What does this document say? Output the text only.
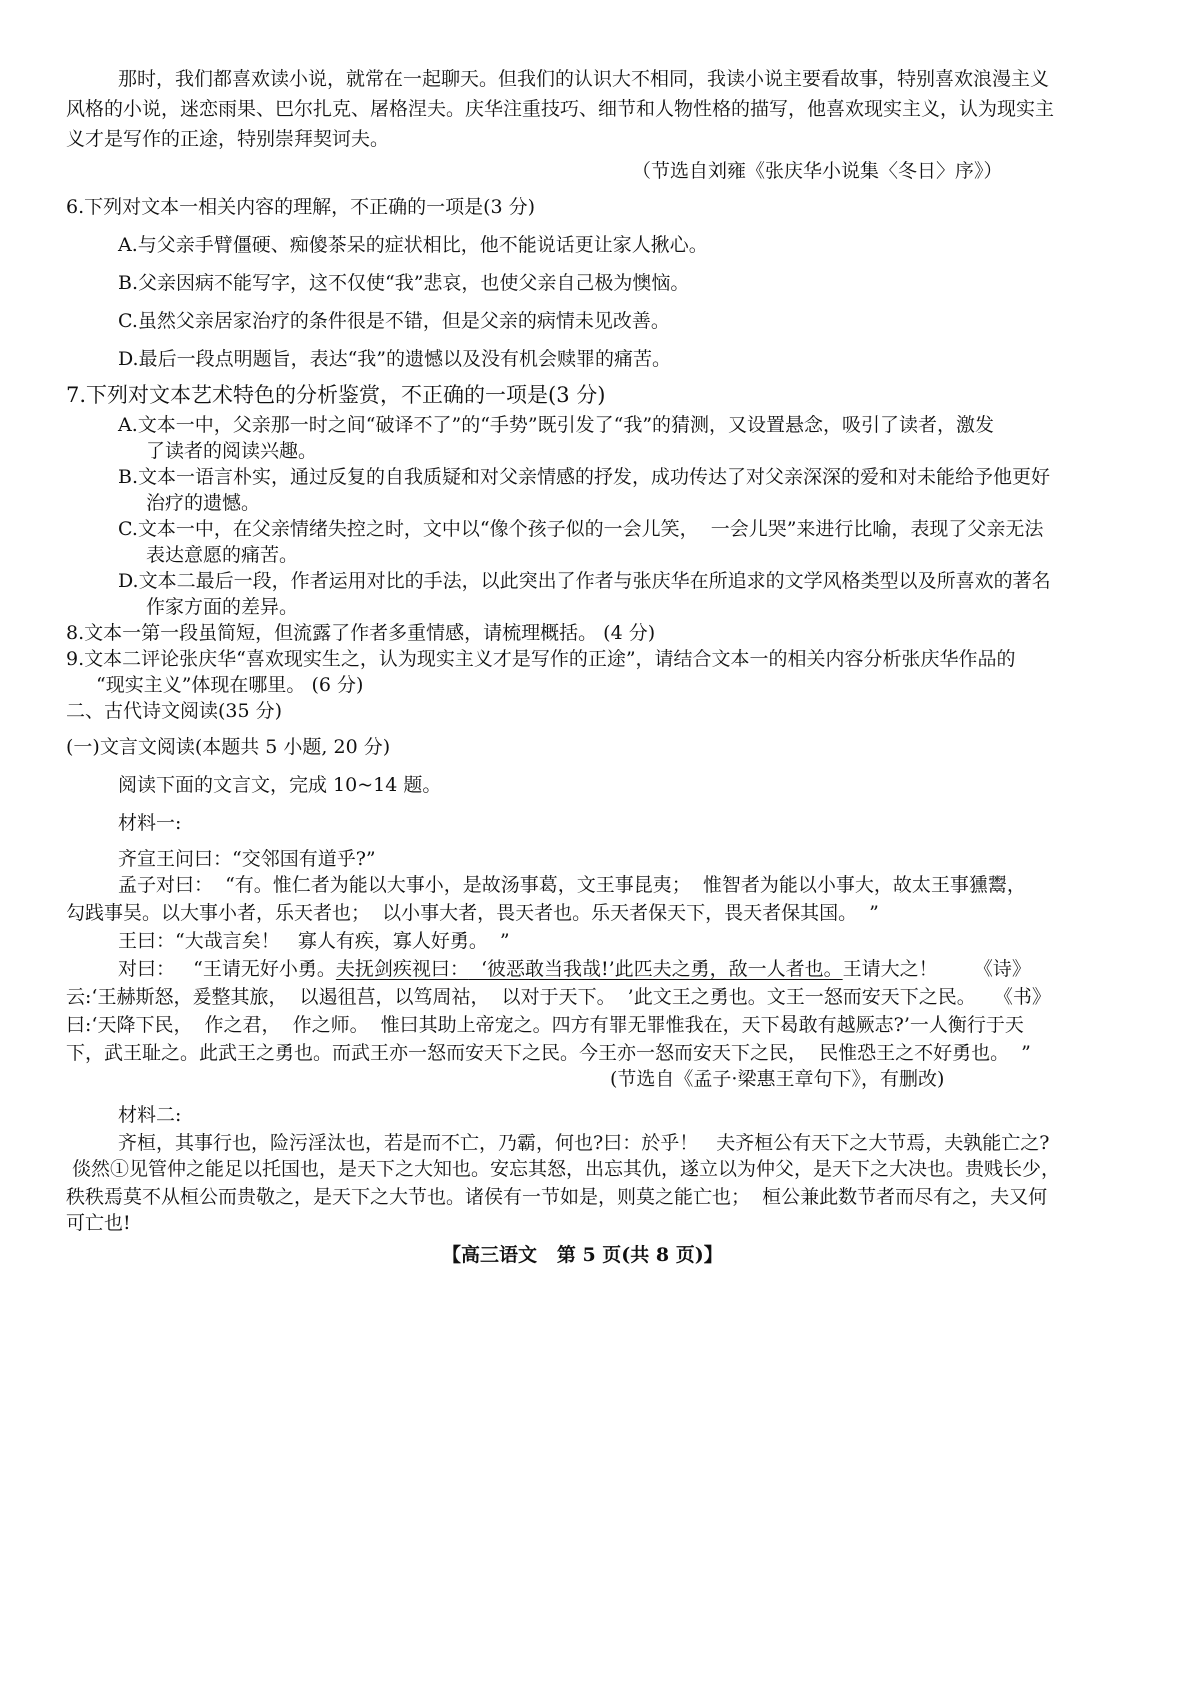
那时，我们都喜欢读小说，就常在一起聊天。但我们的认识大不相同，我读小说主要看故事，特别喜欢浪漫主义
风格的小说，迷恋雨果、巴尔扎克、屠格涅夫。庆华注重技巧、细节和人物性格的描写，他喜欢现实主义，认为现实主
义才是写作的正途，特别崇拜契诃夫。
（节选自刘雍《张庆华小说集〈冬日〉序》）
6.下列对文本一相关内容的理解，不正确的一项是(3 分)
A.与父亲手臂僵硬、痴傻茶呆的症状相比，他不能说话更让家人揪心。
B.父亲因病不能写字，这不仅使“我”悲哀，也使父亲自己极为懊恼。
C.虽然父亲居家治疗的条件很是不错，但是父亲的病情未见改善。
D.最后一段点明题旨，表达“我”的遗憾以及没有机会赎罪的痛苦。
7.下列对文本艺术特色的分析鉴赏，不正确的一项是(3 分)
A.文本一中，父亲那一时之间“破译不了”的“手势”既引发了“我”的猜测，又设置悬念，吸引了读者，激发
了读者的阅读兴趣。
B.文本一语言朴实，通过反复的自我质疑和对父亲情感的抒发，成功传达了对父亲深深的爱和对未能给予他更好
治疗的遗憾。
C.文本一中，在父亲情绪失控之时，文中以“像个孩子似的一会儿笑，  一会儿哭”来进行比喻，表现了父亲无法
表达意愿的痛苦。
D.文本二最后一段，作者运用对比的手法，以此突出了作者与张庆华在所追求的文学风格类型以及所喜欢的著名
作家方面的差异。
8.文本一第一段虽简短，但流露了作者多重情感，请梳理概括。 (4 分)
9.文本二评论张庆华“喜欢现实生之，认为现实主义才是写作的正途”，请结合文本一的相关内容分析张庆华作品的
“现实主义”体现在哪里。 (6 分)
二、古代诗文阅读(35 分)
(一)文言文阅读(本题共 5 小题, 20 分)
阅读下面的文言文，完成 10~14 题。
材料一:
齐宣王问曰：“交邻国有道乎?”
孟子对曰：  “有。惟仁者为能以大事小，是故汤事葛，文王事昆夷；  惟智者为能以小事大，故太王事獯鬻，
勾践事吴。以大事小者，乐天者也；  以小事大者，畏天者也。乐天者保天下，畏天者保其国。  ”
王曰：“大哉言矣！   寡人有疾，寡人好勇。  ”
对曰：   “王请无好小勇。夫抚剑疾视曰：  ‘彼恶敢当我哉!’此匹夫之勇，敌一人者也。王请大之！      《诗》
云:‘王赫斯怒，爰整其旅，  以遏徂莒，以笃周祜，  以对于天下。  ’此文王之勇也。文王一怒而安天下之民。   《书》
曰:‘天降下民，  作之君，  作之师。  惟曰其助上帝宠之。四方有罪无罪惟我在，天下曷敢有越厥志?’一人衡行于天
下，武王耻之。此武王之勇也。而武王亦一怒而安天下之民。今王亦一怒而安天下之民，  民惟恐王之不好勇也。  ”
(节选自《孟子·梁惠王章句下》，有删改)
材料二:
齐桓，其事行也，险污淫汰也，若是而不亡，乃霸，何也?曰：於乎！   夫齐桓公有天下之大节焉，夫孰能亡之?
倓然①见管仲之能足以托国也，是天下之大知也。安忘其怒，出忘其仇，遂立以为仲父，是天下之大决也。贵贱长少，
秩秩焉莫不从桓公而贵敬之，是天下之大节也。诸侯有一节如是，则莫之能亡也；  桓公兼此数节者而尽有之，夫又何
可亡也!
【高三语文   第 5 页(共 8 页)】
